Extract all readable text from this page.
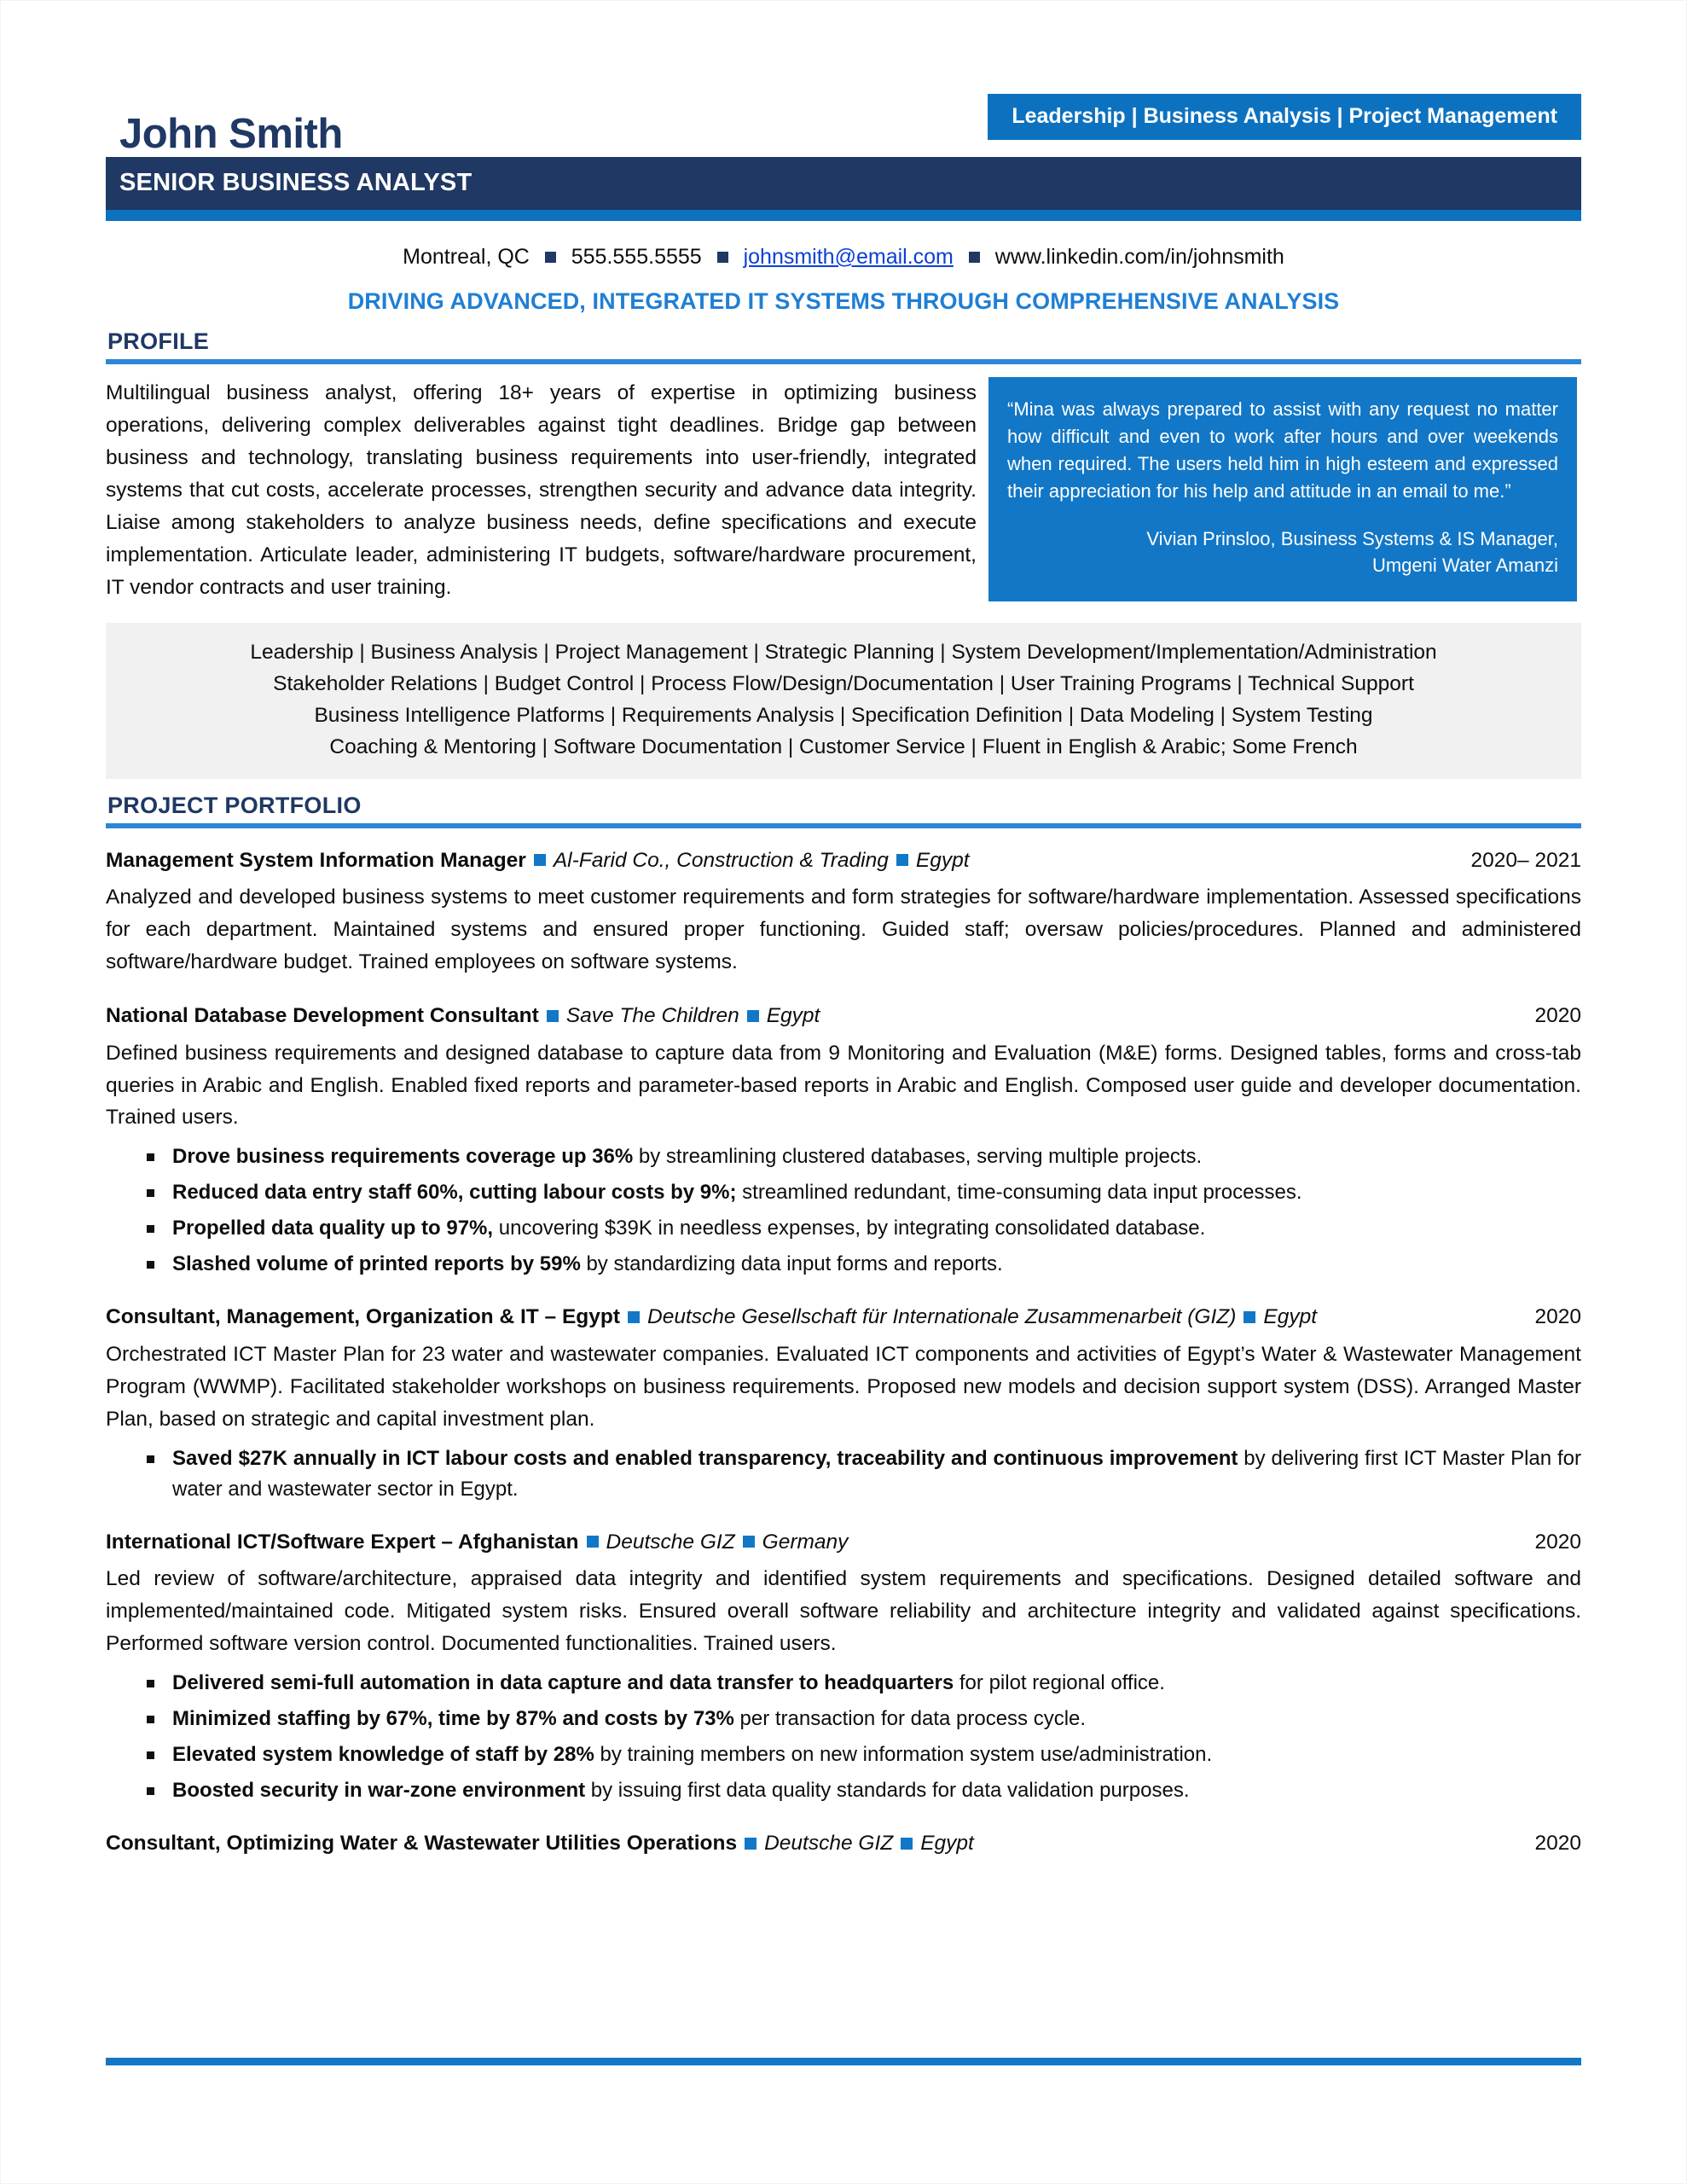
John Smith	Leadership | Business Analysis | Project Management
SENIOR BUSINESS ANALYST
Montreal, QC 555.555.5555 johnsmith@email.com www.linkedin.com/in/johnsmith
DRIVING ADVANCED, INTEGRATED IT SYSTEMS THROUGH COMPREHENSIVE ANALYSIS
PROFILE
Multilingual business analyst, offering 18+ years of expertise in optimizing business operations, delivering complex deliverables against tight deadlines. Bridge gap between business and technology, translating business requirements into user-friendly, integrated systems that cut costs, accelerate processes, strengthen security and advance data integrity. Liaise among stakeholders to analyze business needs, define specifications and execute implementation. Articulate leader, administering IT budgets, software/hardware procurement, IT vendor contracts and user training.
“Mina was always prepared to assist with any request no matter how difficult and even to work after hours and over weekends when required. The users held him in high esteem and expressed their appreciation for his help and attitude in an email to me.”
Vivian Prinsloo, Business Systems & IS Manager,
Umgeni Water Amanzi
Leadership | Business Analysis | Project Management | Strategic Planning | System Development/Implementation/Administration
Stakeholder Relations | Budget Control | Process Flow/Design/Documentation | User Training Programs | Technical Support
Business Intelligence Platforms | Requirements Analysis | Specification Definition | Data Modeling | System Testing
Coaching & Mentoring | Software Documentation | Customer Service | Fluent in English & Arabic; Some French
PROJECT PORTFOLIO
2020– 2021
Management System Information Manager Al-Farid Co., Construction & Trading Egypt
Analyzed and developed business systems to meet customer requirements and form strategies for software/hardware implementation. Assessed specifications for each department. Maintained systems and ensured proper functioning. Guided staff; oversaw policies/procedures. Planned and administered software/hardware budget. Trained employees on software systems.
2020
National Database Development Consultant Save The Children Egypt
Defined business requirements and designed database to capture data from 9 Monitoring and Evaluation (M&E) forms. Designed tables, forms and cross-tab queries in Arabic and English. Enabled fixed reports and parameter-based reports in Arabic and English. Composed user guide and developer documentation. Trained users.
Drove business requirements coverage up 36% by streamlining clustered databases, serving multiple projects.
Reduced data entry staff 60%, cutting labour costs by 9%; streamlined redundant, time-consuming data input processes.
Propelled data quality up to 97%, uncovering $39K in needless expenses, by integrating consolidated database.
Slashed volume of printed reports by 59% by standardizing data input forms and reports.
2020
Consultant, Management, Organization & IT – Egypt Deutsche Gesellschaft für Internationale Zusammenarbeit (GIZ) Egypt
Orchestrated ICT Master Plan for 23 water and wastewater companies. Evaluated ICT components and activities of Egypt’s Water & Wastewater Management Program (WWMP). Facilitated stakeholder workshops on business requirements. Proposed new models and decision support system (DSS). Arranged Master Plan, based on strategic and capital investment plan.
Saved $27K annually in ICT labour costs and enabled transparency, traceability and continuous improvement by delivering first ICT Master Plan for water and wastewater sector in Egypt.
2020
International ICT/Software Expert – Afghanistan Deutsche GIZ Germany
Led review of software/architecture, appraised data integrity and identified system requirements and specifications. Designed detailed software and implemented/maintained code. Mitigated system risks. Ensured overall software reliability and architecture integrity and validated against specifications. Performed software version control. Documented functionalities. Trained users.
Delivered semi-full automation in data capture and data transfer to headquarters for pilot regional office.
Minimized staffing by 67%, time by 87% and costs by 73% per transaction for data process cycle.
Elevated system knowledge of staff by 28% by training members on new information system use/administration.
Boosted security in war-zone environment by issuing first data quality standards for data validation purposes.
2020
Consultant, Optimizing Water & Wastewater Utilities Operations Deutsche GIZ Egypt
